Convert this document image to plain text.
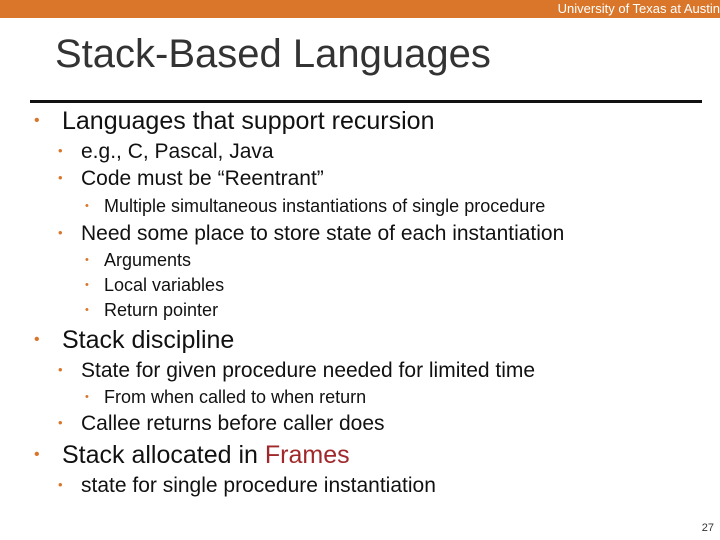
University of Texas at Austin
Stack-Based Languages
• Languages that support recursion
• e.g., C, Pascal, Java
• Code must be “Reentrant”
• Multiple simultaneous instantiations of single procedure
• Need some place to store state of each instantiation
• Arguments
• Local variables
• Return pointer
• Stack discipline
• State for given procedure needed for limited time
• From when called to when return
• Callee returns before caller does
• Stack allocated in Frames
• state for single procedure instantiation
27
